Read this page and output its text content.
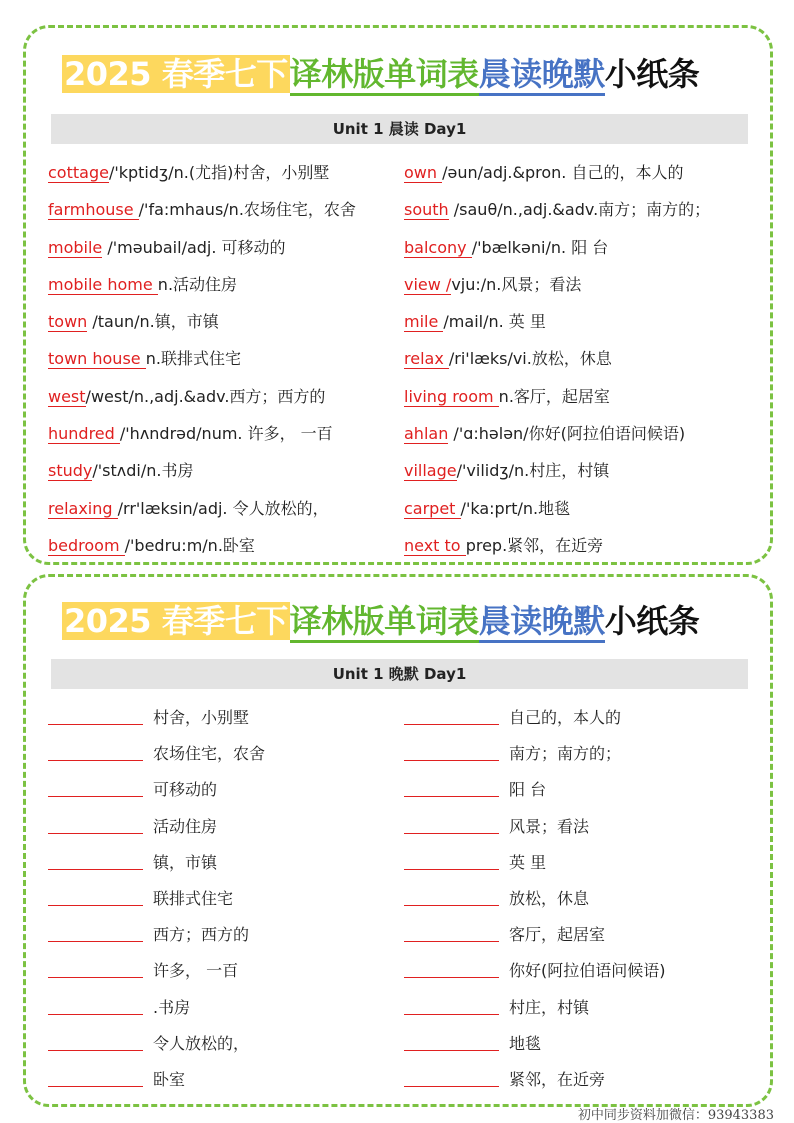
2025 春季七下译林版单词表晨读晚默小纸条
Unit 1 晨读 Day1
cottage/'kptidʒ/n.(尤指)村舍，小别墅
farmhouse /'fa:mhaus/n.农场住宅，农舍
mobile /'məubail/adj. 可移动的
mobile home n.活动住房
town /taun/n.镇，市镇
town house n.联排式住宅
west/west/n.,adj.&adv.西方；西方的
hundred /'hʌndrəd/num. 许多， 一百
study/'stʌdi/n.书房
relaxing /rr'læksin/adj. 令人放松的，
bedroom /'bedru:m/n.卧室
own /əun/adj.&pron. 自己的，本人的
south /sauθ/n.,adj.&adv.南方；南方的；
balcony /'bælkəni/n. 阳 台
view /vju:/n.风景；看法
mile /mail/n. 英 里
relax /ri'læks/vi.放松，休息
living room n.客厅，起居室
ahlan /'ɑ:hələn/你好(阿拉伯语问候语)
village/'vilidʒ/n.村庄，村镇
carpet /'ka:prt/n.地毯
next to prep.紧邻，在近旁
2025 春季七下译林版单词表晨读晚默小纸条
Unit 1 晚默 Day1
村舍，小别墅
农场住宅，农舍
可移动的
活动住房
镇，市镇
联排式住宅
西方；西方的
许多， 一百
.书房
令人放松的，
卧室
自己的，本人的
南方；南方的；
阳 台
风景；看法
英 里
放松，休息
客厅，起居室
你好(阿拉伯语问候语)
村庄，村镇
地毯
紧邻，在近旁
初中同步资料加微信：93943383
